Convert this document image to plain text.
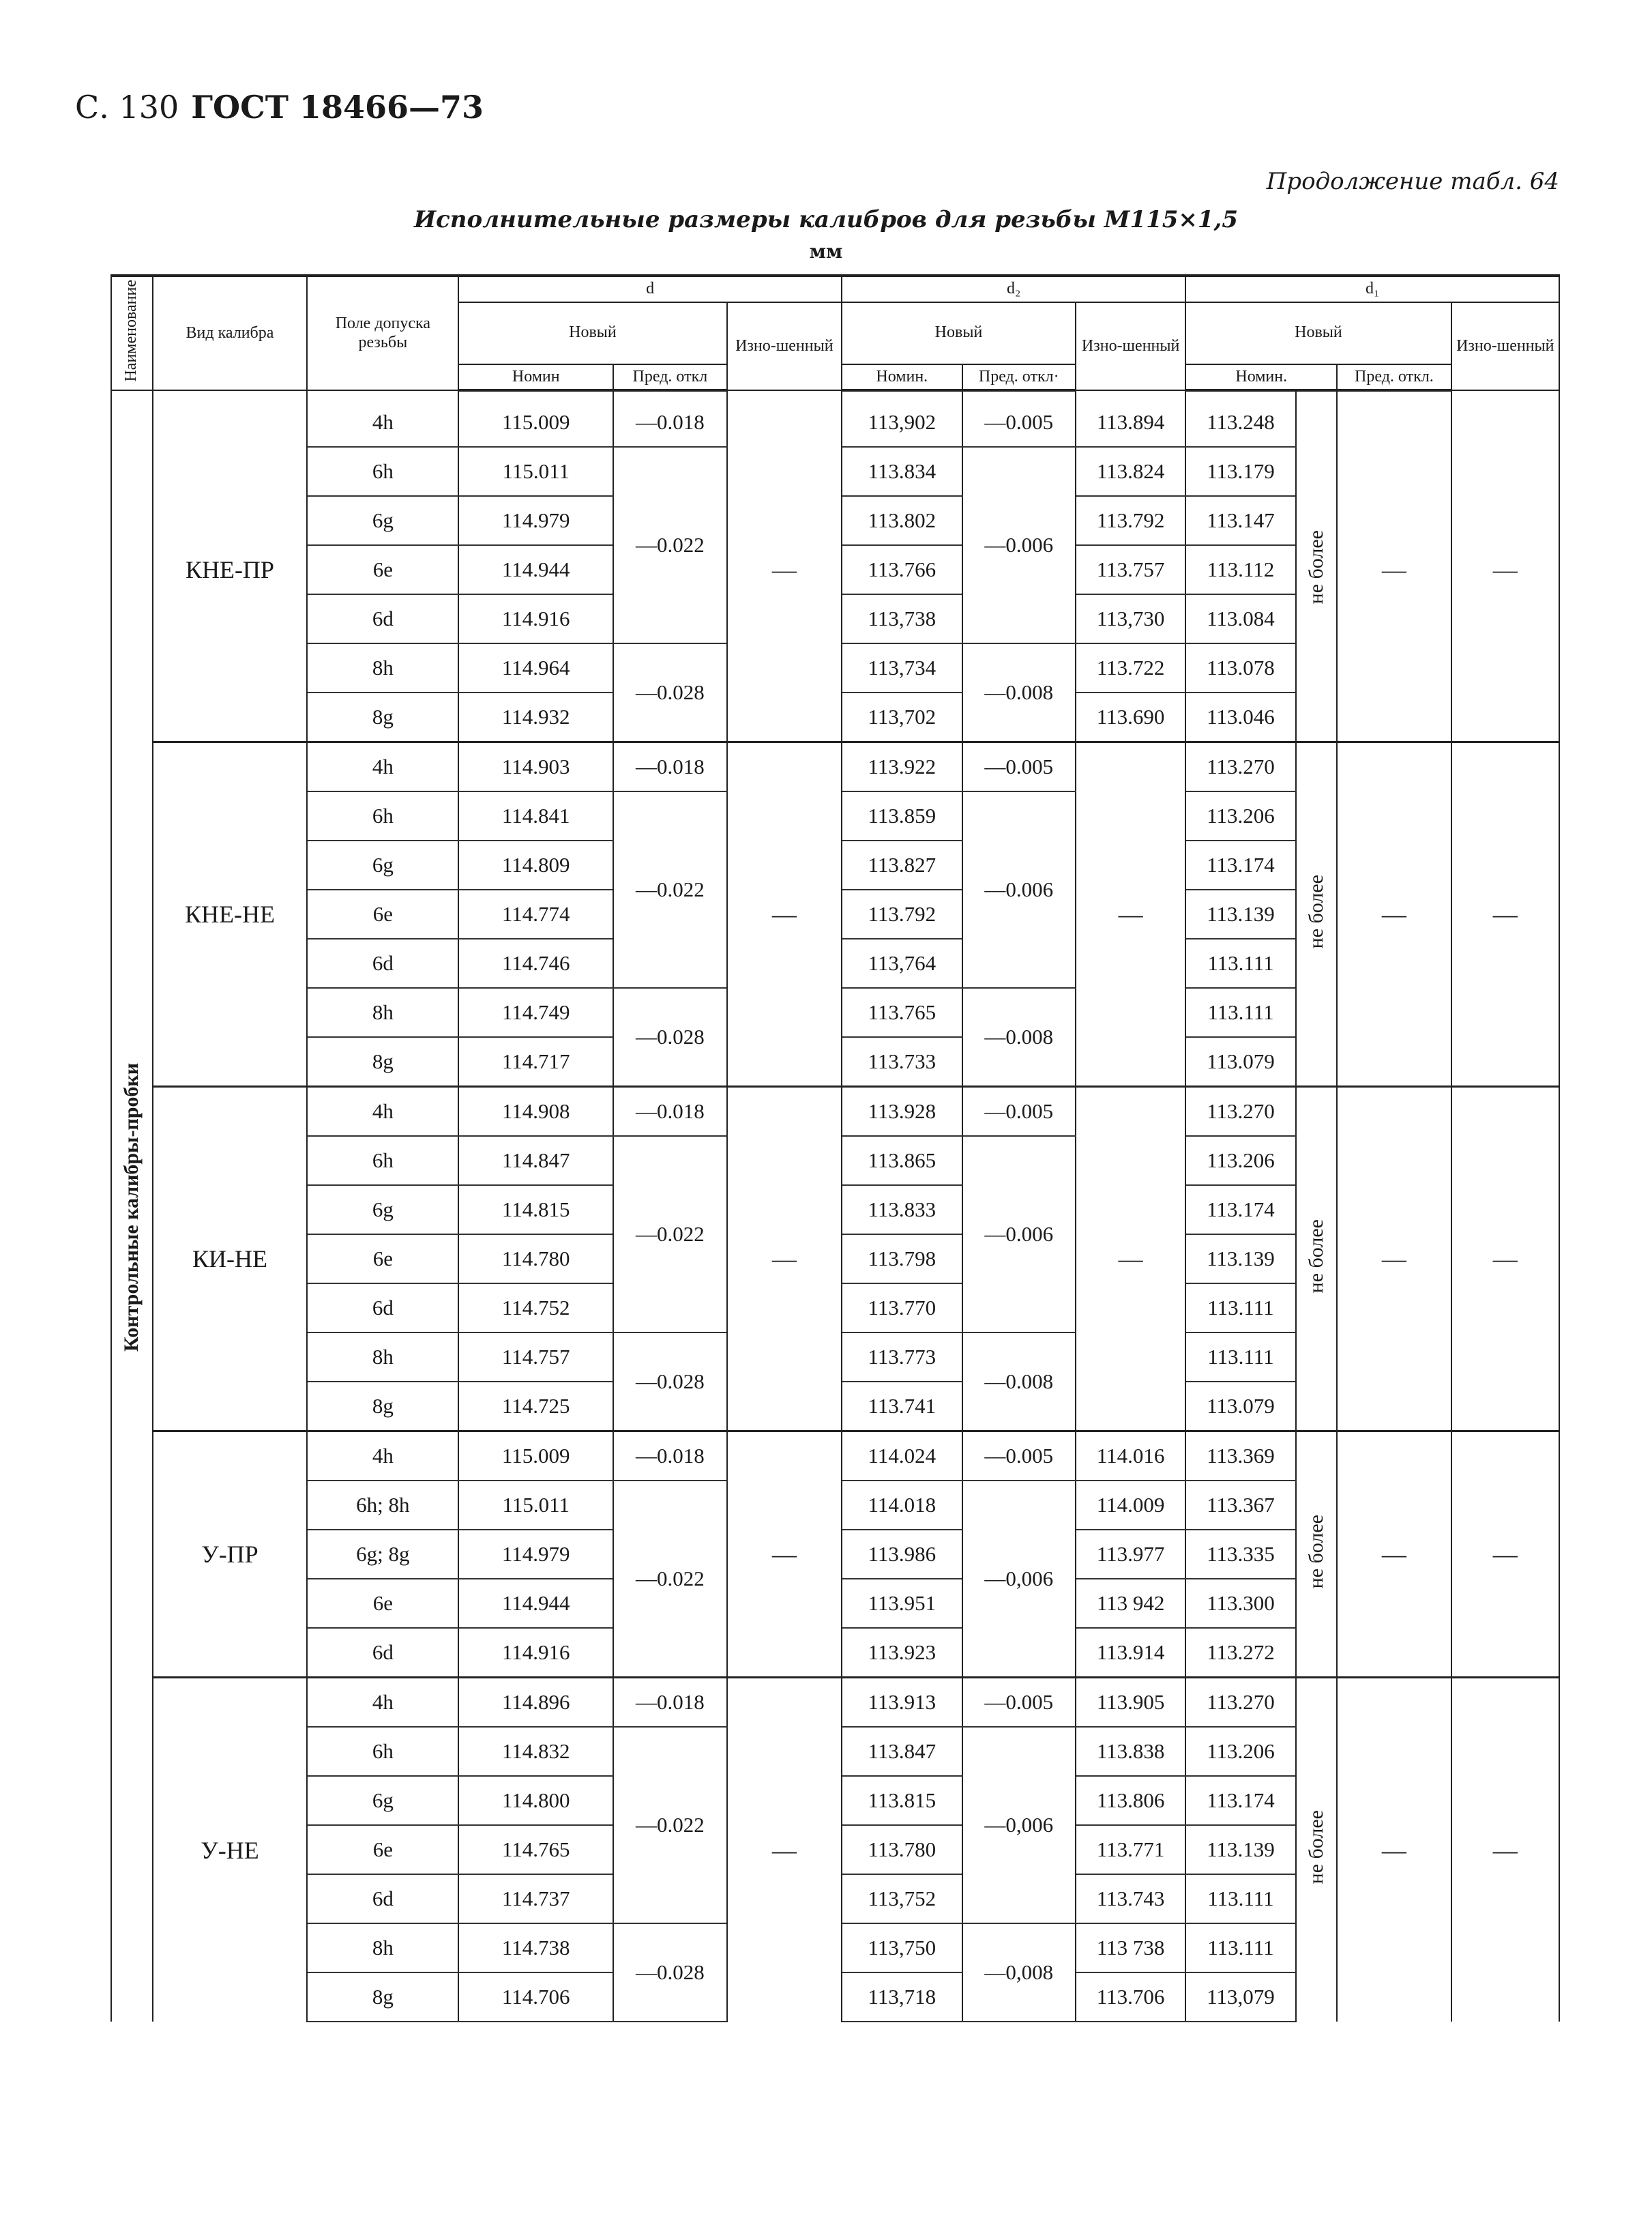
С. 130 ГОСТ 18466—73
Продолжение табл. 64
Исполнительные размеры калибров для резьбы М115×1,5
мм
Наименование	Вид калибра	Поле допуска резьбы	d			d₂			d₁			
			Новый		Изно-шенный	Новый		Изно-шенный	Новый			Изно-шенный
			Номин	Пред. откл		Номин.	Пред. откл·		Номин.		Пред. откл.	
Контрольные калибры-пробки	КНЕ-ПР	4h	115.009	—0.018	—	113,902	—0.005	113.894	113.248	не более	—	—
		6h	115.011	—0.022		113.834	—0.006	113.824	113.179			
		6g	114.979			113.802		113.792	113.147			
		6e	114.944			113.766		113.757	113.112			
		6d	114.916			113,738		113,730	113.084			
		8h	114.964	—0.028		113,734	—0.008	113.722	113.078			
		8g	114.932			113,702		113.690	113.046			
	КНЕ-НЕ	4h	114.903	—0.018	—	113.922	—0.005	—	113.270	не более	—	—
		6h	114.841	—0.022		113.859	—0.006		113.206			
		6g	114.809			113.827			113.174			
		6e	114.774			113.792			113.139			
		6d	114.746			113,764			113.111			
		8h	114.749	—0.028		113.765	—0.008		113.111			
		8g	114.717			113.733			113.079			
	КИ-НЕ	4h	114.908	—0.018	—	113.928	—0.005	—	113.270	не более	—	—
		6h	114.847	—0.022		113.865	—0.006		113.206			
		6g	114.815			113.833			113.174			
		6e	114.780			113.798			113.139			
		6d	114.752			113.770			113.111			
		8h	114.757	—0.028		113.773	—0.008		113.111			
		8g	114.725			113.741			113.079			
	У-ПР	4h	115.009	—0.018	—	114.024	—0.005	114.016	113.369	не более	—	—
		6h; 8h	115.011	—0.022		114.018	—0,006	114.009	113.367			
		6g; 8g	114.979			113.986		113.977	113.335			
		6e	114.944			113.951		113 942	113.300			
		6d	114.916			113.923		113.914	113.272			
	У-НЕ	4h	114.896	—0.018	—	113.913	—0.005	113.905	113.270	не более	—	—
		6h	114.832	—0.022		113.847	—0,006	113.838	113.206			
		6g	114.800			113.815		113.806	113.174			
		6e	114.765			113.780		113.771	113.139			
		6d	114.737			113,752		113.743	113.111			
		8h	114.738	—0.028		113,750	—0,008	113 738	113.111			
		8g	114.706			113,718		113.706	113,079			
